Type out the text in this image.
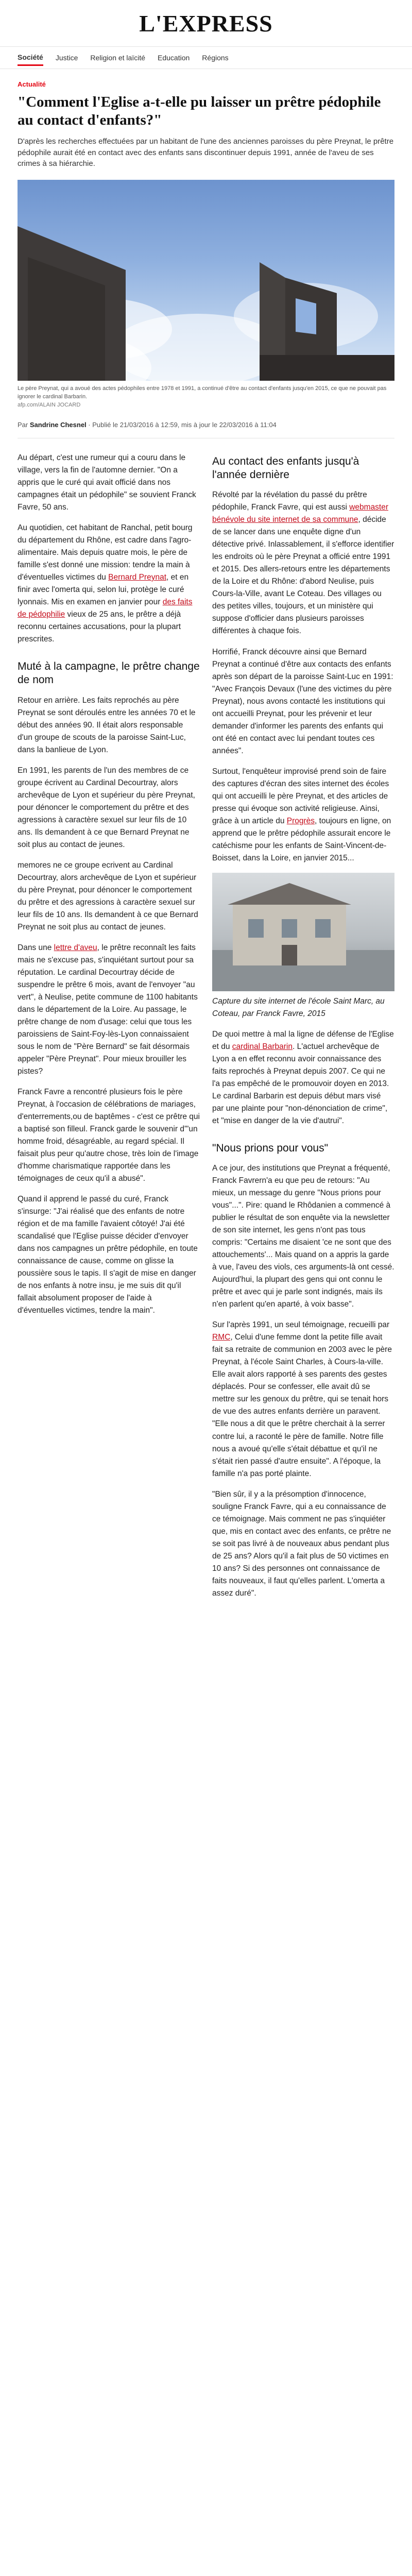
L'EXPRESS
Société Justice Religion et laïcité Education Régions
Actualité
"Comment l'Eglise a-t-elle pu laisser un prêtre pédophile au contact d'enfants?"

D'après les recherches effectuées par un habitant de l'une des anciennes paroisses du père Preynat, le prêtre pédophile aurait été en contact avec des enfants sans discontinuer depuis 1991, année de l'aveu de ses crimes à sa hiérarchie.

Le père Preynat, qui a avoué des actes pédophiles entre 1978 et 1991, a continué d'être au contact d'enfants jusqu'en 2015, ce que ne pouvait pas ignorer le cardinal Barbarin.
afp.com/ALAIN JOCARD
Par Sandrine Chesnel · Publié le 21/03/2016 à 12:59, mis à jour le 22/03/2016 à 11:04

Au départ, c'est une rumeur qui a couru dans le village, vers la fin de l'automne dernier. "On a appris que le curé qui avait officié dans nos campagnes était un pédophile" se souvient Franck Favre, 50 ans.

Au quotidien, cet habitant de Ranchal, petit bourg du département du Rhône, est cadre dans l'agro-alimentaire. Mais depuis quatre mois, le père de famille s'est donné une mission: tendre la main à d'éventuelles victimes du Bernard Preynat, et en finir avec l'omerta qui, selon lui, protège le curé lyonnais. Mis en examen en janvier pour des faits de pédophilie vieux de 25 ans, le prêtre a déjà reconnu certaines accusations, pour la plupart prescrites.

Muté à la campagne, le prêtre change de nom

Retour en arrière. Les faits reprochés au père Preynat se sont déroulés entre les années 70 et le début des années 90. Il était alors responsable d'un groupe de scouts de la paroisse Saint-Luc, dans la banlieue de Lyon.

En 1991, les parents de l'un des membres de ce groupe écrivent au Cardinal Decourtray, alors archevêque de Lyon et supérieur du père Preynat, pour dénoncer le comportement du prêtre et des agressions à caractère sexuel sur leur fils de 10 ans. Ils demandent à ce que Bernard Preynat ne soit plus au contact de jeunes.

memores ne ce groupe ecrivent au Cardinal Decourtray, alors archevêque de Lyon et supérieur du père Preynat, pour dénoncer le comportement du prêtre et des agressions à caractère sexuel sur leur fils de 10 ans. Ils demandent à ce que Bernard Preynat ne soit plus au contact de jeunes.

Dans une lettre d'aveu, le prêtre reconnaît les faits mais ne s'excuse pas, s'inquiétant surtout pour sa réputation. Le cardinal Decourtray décide de suspendre le prêtre 6 mois, avant de l'envoyer "au vert", à Neulise, petite commune de 1100 habitants dans le département de la Loire. Au passage, le prêtre change de nom d'usage: celui que tous les paroissiens de Saint-Foy-lès-Lyon connaissaient sous le nom de "Père Bernard" se fait désormais appeler "Père Preynat". Pour mieux brouiller les pistes?

Franck Favre a rencontré plusieurs fois le père Preynat, à l'occasion de célébrations de mariages, d'enterrements,ou de baptêmes - c'est ce prêtre qui a baptisé son filleul. Franck garde le souvenir d'"un homme froid, désagréable, au regard spécial. Il faisait plus peur qu'autre chose, très loin de l'image d'homme charismatique rapportée dans les témoignages de ceux qu'il a abusé".

Quand il apprend le passé du curé, Franck s'insurge: "J'ai réalisé que des enfants de notre région et de ma famille l'avaient côtoyé! J'ai été scandalisé que l'Eglise puisse décider d'envoyer dans nos campagnes un prêtre pédophile, en toute connaissance de cause, comme on glisse la poussière sous le tapis. Il s'agit de mise en danger de nos enfants à notre insu, je me suis dit qu'il fallait absolument proposer de l'aide à d'éventuelles victimes, tendre la main".

Au contact des enfants jusqu'à l'année dernière

Révolté par la révélation du passé du prêtre pédophile, Franck Favre, qui est aussi webmaster bénévole du site internet de sa commune, décide de se lancer dans une enquête digne d'un détective privé. Inlassablement, il s'efforce identifier les endroits où le père Preynat a officié entre 1991 et 2015. Des allers-retours entre les départements de la Loire et du Rhône: d'abord Neulise, puis Cours-la-Ville, avant Le Coteau. Des villages ou des petites villes, toujours, et un ministère qui suppose d'officier dans plusieurs paroisses différentes à chaque fois.

Horrifié, Franck découvre ainsi que Bernard Preynat a continué d'être aux contacts des enfants après son départ de la paroisse Saint-Luc en 1991: "Avec François Devaux (l'une des victimes du père Preynat), nous avons contacté les institutions qui ont accueilli Preynat, pour les prévenir et leur demander d'informer les parents des enfants qui ont été en contact avec lui pendant toutes ces années".

Surtout, l'enquêteur improvisé prend soin de faire des captures d'écran des sites internet des écoles qui ont accueilli le père Preynat, et des articles de presse qui évoque son activité religieuse. Ainsi, grâce à un article du Progrès, toujours en ligne, on apprend que le prêtre pédophile assurait encore le catéchisme pour les enfants de Saint-Vincent-de-Boisset, dans la Loire, en janvier 2015...

Capture du site internet de l'école Saint Marc, au Coteau, par Franck Favre, 2015

De quoi mettre à mal la ligne de défense de l'Eglise et du cardinal Barbarin. L'actuel archevêque de Lyon a en effet reconnu avoir connaissance des faits reprochés à Preynat depuis 2007. Ce qui ne l'a pas empêché de le promouvoir doyen en 2013. Le cardinal Barbarin est depuis début mars visé par une plainte pour "non-dénonciation de crime", et "mise en danger de la vie d'autrui".

"Nous prions pour vous"

A ce jour, des institutions que Preynat a fréquenté, Franck Favrern'a eu que peu de retours: "Au mieux, un message du genre "Nous prions pour vous"...". Pire: quand le Rhôdanien a commencé à publier le résultat de son enquête via la newsletter de son site internet, les gens n'ont pas tous compris: "Certains me disaient 'ce ne sont que des attouchements'... Mais quand on a appris la garde à vue, l'aveu des viols, ces arguments-là ont cessé. Aujourd'hui, la plupart des gens qui ont connu le prêtre et avec qui je parle sont indignés, mais ils n'en parlent qu'en aparté, à voix basse".

Sur l'après 1991, un seul témoignage, recueilli par RMC, Celui d'une femme dont la petite fille avait fait sa retraite de communion en 2003 avec le père Preynat, à l'école Saint Charles, à Cours-la-ville. Elle avait alors rapporté à ses parents des gestes déplacés. Pour se confesser, elle avait dû se mettre sur les genoux du prêtre, qui se tenait hors de vue des autres enfants derrière un paravent. "Elle nous a dit que le prêtre cherchait à la serrer contre lui, a raconté le père de famille. Notre fille nous a avoué qu'elle s'était débattue et qu'il ne s'était rien passé d'autre ensuite". A l'époque, la famille n'a pas porté plainte.

"Bien sûr, il y a la présomption d'innocence, souligne Franck Favre, qui a eu connaissance de ce témoignage. Mais comment ne pas s'inquiéter que, mis en contact avec des enfants, ce prêtre ne se soit pas livré à de nouveaux abus pendant plus de 25 ans? Alors qu'il a fait plus de 50 victimes en 10 ans? Si des personnes ont connaissance de faits nouveaux, il faut qu'elles parlent. L'omerta a assez duré".
